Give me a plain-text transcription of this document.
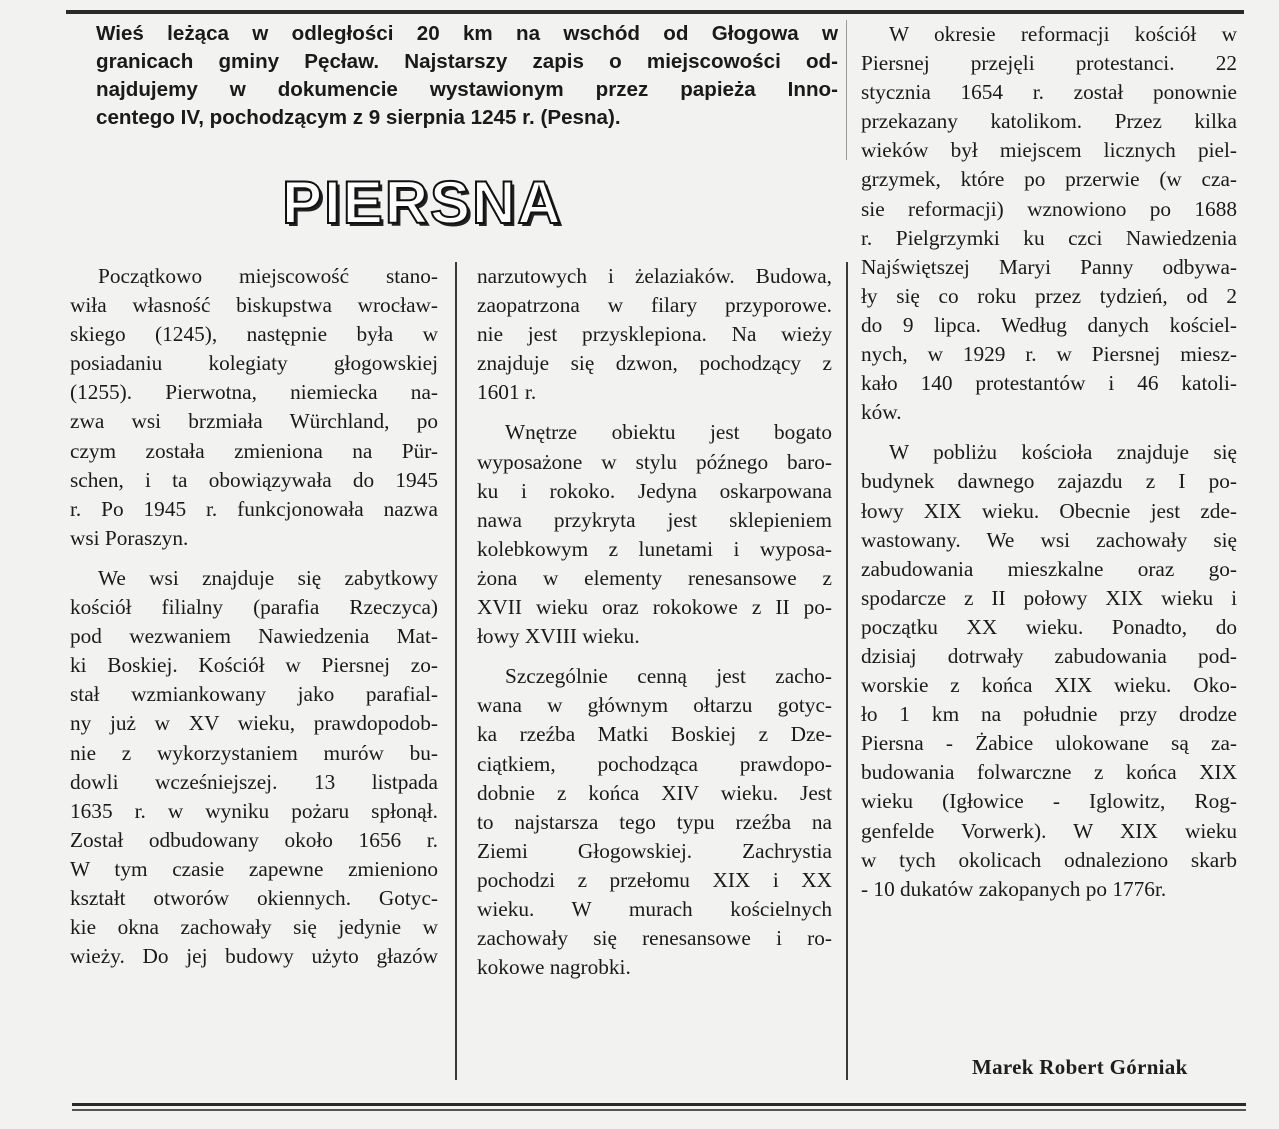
Wieś leżąca w odległości 20 km na wschód od Głogowa w
granicach gminy Pęcław. Najstarszy zapis o miejscowości od-
najdujemy w dokumencie wystawionym przez papieża Inno-
centego IV, pochodzącym z 9 sierpnia 1245 r. (Pesna).
PIERSNA
Początkowo miejscowość stano-
wiła własność biskupstwa wrocław-
skiego (1245), następnie była w
posiadaniu kolegiaty głogowskiej
(1255). Pierwotna, niemiecka na-
zwa wsi brzmiała Würchland, po
czym została zmieniona na Pür-
schen, i ta obowiązywała do 1945
r. Po 1945 r. funkcjonowała nazwa
wsi Poraszyn.
We wsi znajduje się zabytkowy
kościół filialny (parafia Rzeczyca)
pod wezwaniem Nawiedzenia Mat-
ki Boskiej. Kościół w Piersnej zo-
stał wzmiankowany jako parafial-
ny już w XV wieku, prawdopodob-
nie z wykorzystaniem murów bu-
dowli wcześniejszej. 13 listpada
1635 r. w wyniku pożaru spłonął.
Został odbudowany około 1656 r.
W tym czasie zapewne zmieniono
kształt otworów okiennych. Gotyc-
kie okna zachowały się jedynie w
wieży. Do jej budowy użyto głazów
narzutowych i żelaziaków. Budowa,
zaopatrzona w filary przyporowe.
nie jest przysklepiona. Na wieży
znajduje się dzwon, pochodzący z
1601 r.
Wnętrze obiektu jest bogato
wyposażone w stylu późnego baro-
ku i rokoko. Jedyna oskarpowana
nawa przykryta jest sklepieniem
kolebkowym z lunetami i wyposa-
żona w elementy renesansowe z
XVII wieku oraz rokokowe z II po-
łowy XVIII wieku.
Szczególnie cenną jest zacho-
wana w głównym ołtarzu gotyc-
ka rzeźba Matki Boskiej z Dze-
ciątkiem, pochodząca prawdopo-
dobnie z końca XIV wieku. Jest
to najstarsza tego typu rzeźba na
Ziemi Głogowskiej. Zachrystia
pochodzi z przełomu XIX i XX
wieku. W murach kościelnych
zachowały się renesansowe i ro-
kokowe nagrobki.
W okresie reformacji kościół w
Piersnej przejęli protestanci. 22
stycznia 1654 r. został ponownie
przekazany katolikom. Przez kilka
wieków był miejscem licznych piel-
grzymek, które po przerwie (w cza-
sie reformacji) wznowiono po 1688
r. Pielgrzymki ku czci Nawiedzenia
Najświętszej Maryi Panny odbywa-
ły się co roku przez tydzień, od 2
do 9 lipca. Według danych kościel-
nych, w 1929 r. w Piersnej miesz-
kało 140 protestantów i 46 katoli-
ków.
W pobliżu kościoła znajduje się
budynek dawnego zajazdu z I po-
łowy XIX wieku. Obecnie jest zde-
wastowany. We wsi zachowały się
zabudowania mieszkalne oraz go-
spodarcze z II połowy XIX wieku i
początku XX wieku. Ponadto, do
dzisiaj dotrwały zabudowania pod-
worskie z końca XIX wieku. Oko-
ło 1 km na południe przy drodze
Piersna - Żabice ulokowane są za-
budowania folwarczne z końca XIX
wieku (Igłowice - Iglowitz, Rog-
genfelde Vorwerk). W XIX wieku
w tych okolicach odnaleziono skarb
- 10 dukatów zakopanych po 1776r.
Marek Robert Górniak
